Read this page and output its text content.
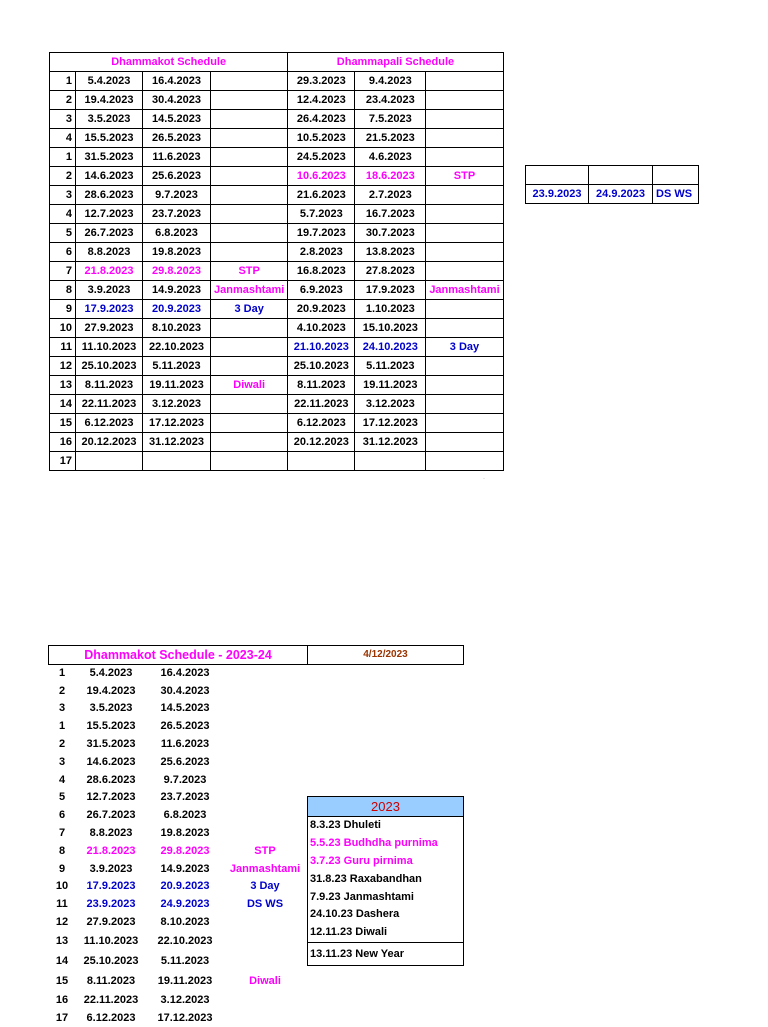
Dhammakot Schedule				Dhammapali Schedule		
1	5.4.2023	16.4.2023		29.3.2023	9.4.2023	
2	19.4.2023	30.4.2023		12.4.2023	23.4.2023	
3	3.5.2023	14.5.2023		26.4.2023	7.5.2023	
4	15.5.2023	26.5.2023		10.5.2023	21.5.2023	
1	31.5.2023	11.6.2023		24.5.2023	4.6.2023	
2	14.6.2023	25.6.2023		10.6.2023	18.6.2023	STP
3	28.6.2023	9.7.2023		21.6.2023	2.7.2023	
4	12.7.2023	23.7.2023		5.7.2023	16.7.2023	
5	26.7.2023	6.8.2023		19.7.2023	30.7.2023	
6	8.8.2023	19.8.2023		2.8.2023	13.8.2023	
7	21.8.2023	29.8.2023	STP	16.8.2023	27.8.2023	
8	3.9.2023	14.9.2023	Janmashtami	6.9.2023	17.9.2023	Janmashtami
9	17.9.2023	20.9.2023	3 Day	20.9.2023	1.10.2023	
10	27.9.2023	8.10.2023		4.10.2023	15.10.2023	
11	11.10.2023	22.10.2023		21.10.2023	24.10.2023	3 Day
12	25.10.2023	5.11.2023		25.10.2023	5.11.2023	
13	8.11.2023	19.11.2023	Diwali	8.11.2023	19.11.2023	
14	22.11.2023	3.12.2023		22.11.2023	3.12.2023	
15	6.12.2023	17.12.2023		6.12.2023	17.12.2023	
16	20.12.2023	31.12.2023		20.12.2023	31.12.2023	
17						

23.9.2023	24.9.2023	DS WS
·
Dhammakot Schedule - 2023-24	4/12/2023
1	5.4.2023	16.4.2023	
2	19.4.2023	30.4.2023	
3	3.5.2023	14.5.2023	
1	15.5.2023	26.5.2023	
2	31.5.2023	11.6.2023	
3	14.6.2023	25.6.2023	
4	28.6.2023	9.7.2023	
5	12.7.2023	23.7.2023	
6	26.7.2023	6.8.2023	
7	8.8.2023	19.8.2023	
8	21.8.2023	29.8.2023	STP
9	3.9.2023	14.9.2023	Janmashtami
10	17.9.2023	20.9.2023	3 Day
11	23.9.2023	24.9.2023	DS WS
12	27.9.2023	8.10.2023	
13	11.10.2023	22.10.2023	
14	25.10.2023	5.11.2023	
15	8.11.2023	19.11.2023	Diwali
16	22.11.2023	3.12.2023	
17	6.12.2023	17.12.2023	
2023
8.3.23 Dhuleti
5.5.23 Budhdha purnima
3.7.23 Guru pirnima
31.8.23 Raxabandhan
7.9.23 Janmashtami
24.10.23 Dashera
12.11.23 Diwali
13.11.23 New Year
